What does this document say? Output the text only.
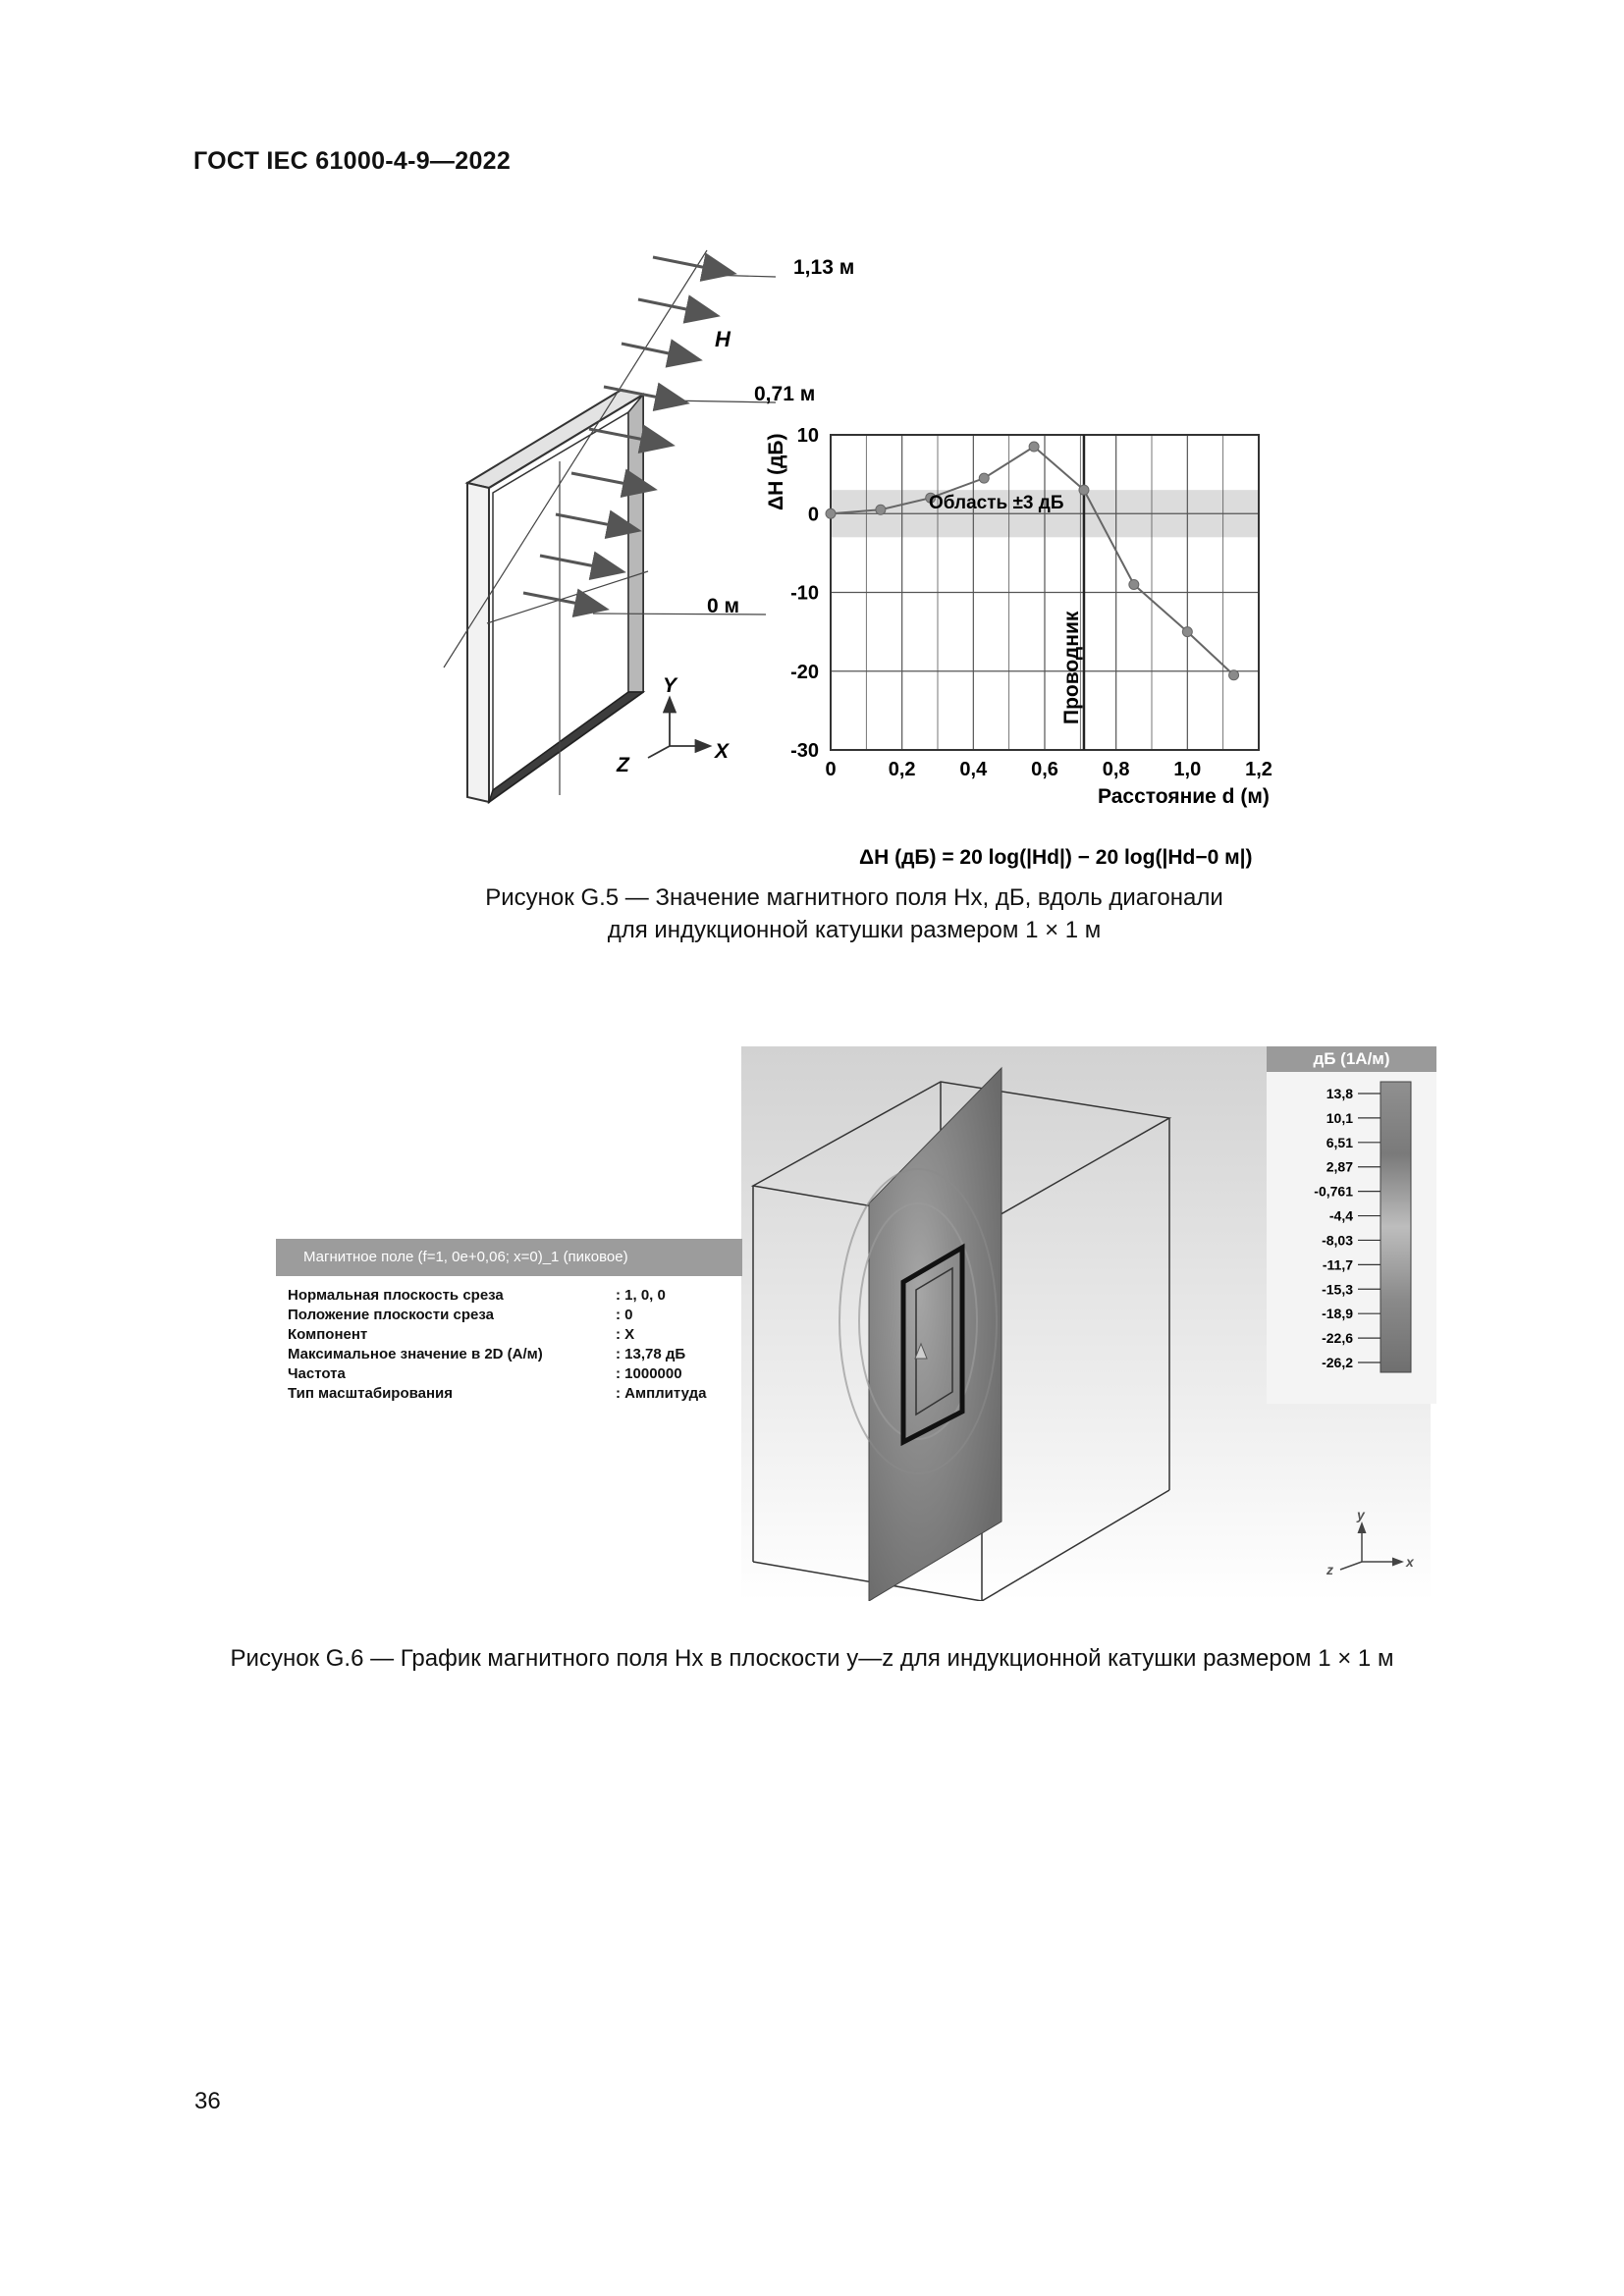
ГОСТ IEC 61000-4-9—2022
1,13 м
H
0,71 м
0 м
Y
X
Z	0	0,2 0,4 0,6 0,8 1,0 1,2
10
0
-10
-20
-30
Область ±3 дБ
Проводник
ΔH (дБ)
Расстояние d (м)
ΔH (дБ) = 20 log(|Hd|) − 20 log(|Hd−0 м|)
Рисунок G.5 — Значение магнитного поля Hx, дБ, вдоль диагонали
для индукционной катушки размером 1 × 1 м
y
x
z
дБ (1А/м)
13,8
10,1
6,51
2,87
-0,761
-4,4
-8,03
-11,7
-15,3
-18,9
-22,6
-26,2
Магнитное поле (f=1, 0e+0,06; x=0)_1 (пиковое)
Нормальная плоскость среза	: 1, 0, 0
Положение плоскости среза	: 0
Компонент	: X
Максимальное значение в 2D (А/м)	: 13,78 дБ
Частота	: 1000000
Тип масштабирования	: Амплитуда
Рисунок G.6 — График магнитного поля Hx в плоскости y—z для индукционной катушки размером 1 × 1 м
36
